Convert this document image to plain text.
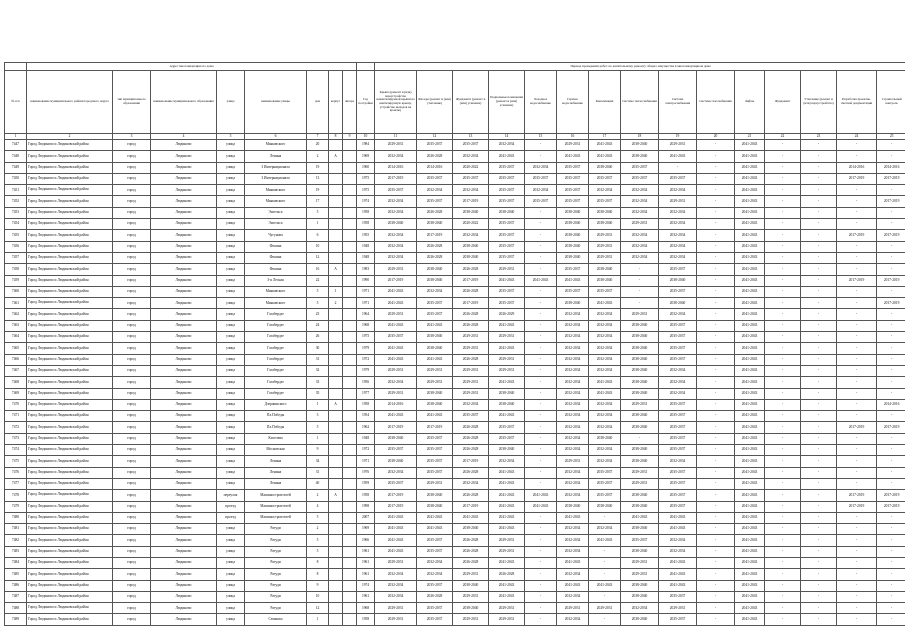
	Адрес многоквартирного дома									Период проведения работ по капитальному ремонту общего имущества в многоквартирном доме														
№ п/п	наименование муниципального района/городского округа	тип муниципального образования	наименование муниципального образования	улица	наименование улицы	дом	корпус	литера	Год постройки	Крыша (ремонт и (или) переустройство невентилируемой крыши на вентилируемую крышу, устройство выходов на кровлю)	Фасады (ремонт и (или) утепление)	Фундамент (ремонт и (или) усиление)	Подвальные помещения (ремонт и (или) усиление)	Холодное водоснабжение	Горячее водоснабжение	Канализация	Система теплоснабжения	Система электроснабжения	Система газоснабжения	Лифты	Фундамент	Утепление (ремонт и (или) переустройство)	Разработка проектно-сметной документации	Строительный контроль
1	2	3	4	5	6	7	8	9	10	11	12	13	14	15	16	17	18	19	20	21	22	23	24	25
7447	Город Людиново и Людиновский район	город	Людиново	улица	Маяковского	20			1984	2029-2031	2035-2037	2035-2037	2032-2034	-	2029-2031	2041-2043	2038-2040	2029-2031	-	2041-2043	-	-	-	-
7448	Город Людиново и Людиновский район	город	Людиново	улица	Ленина	2	А		1969	2032-2034	2026-2028	2032-2034	2041-2043	-	2041-2043	2041-2043	2038-2040	2041-2043	-	2041-2043	-	-	-	-
7449	Город Людиново и Людиновский район	город	Людиново	улица	3 Интернационала	19			1960	2014-2016	2014-2016	2020-2022	2035-2037	2032-2034	2035-2037	2038-2040	2035-2037	-	-	2041-2043	-	-	2014-2016	2014-2016
7450	Город Людиново и Людиновский район	город	Людиново	улица	3 Интернационала	13			1975	2017-2019	2035-2037	2035-2037	2035-2037	2035-2037	2035-2037	2035-2037	2035-2037	2035-2037	-	2041-2043	-	-	2017-2019	2017-2019
7451	Город Людиново и Людиновский район	город	Людиново	улица	Маяковского	19			1975	2035-2037	2032-2034	2032-2034	2035-2037	2032-2034	2035-2037	2032-2034	2032-2034	2032-2034	-	2041-2043	-	-	-	-
7452	Город Людиново и Людиновский район	город	Людиново	улица	Маяковского	17			1974	2032-2034	2035-2037	2017-2019	2035-2037	2035-2037	2035-2037	2035-2037	2032-2034	2029-2031	-	2041-2043	-	-	-	2017-2019
7453	Город Людиново и Людиновский район	город	Людиново	улица	Энгельса	5			1958	2032-2034	2026-2028	2038-2040	2038-2040	-	2038-2040	2038-2040	2032-2034	2032-2034	-	2041-2043	-	-	-	-
7454	Город Людиново и Людиновский район	город	Людиново	улица	Энгельса	1			1958	2038-2040	2038-2040	2020-2022	2035-2037	-	2038-2040	2038-2040	2029-2031	2032-2034	-	2041-2043	-	-	-	-
7455	Город Людиново и Людиновский район	город	Людиново	улица	Чугунова	6			1955	2032-2034	2017-2019	2032-2034	2035-2037	-	2038-2040	2029-2031	2032-2034	2032-2034	-	2041-2043	-	-	2017-2019	2017-2019
7456	Город Людиново и Людиновский район	город	Людиново	улица	Фокина	10			1948	2032-2034	2026-2028	2038-2040	2035-2037	-	2038-2040	2029-2031	2032-2034	2032-2034	-	2041-2043	-	-	-	-
7457	Город Людиново и Людиновский район	город	Людиново	улица	Фокина	12			1948	2032-2034	2026-2028	2038-2040	2035-2037	-	2038-2040	2029-2031	2032-2034	2032-2034	-	2041-2043	-	-	-	-
7458	Город Людиново и Людиновский район	город	Людиново	улица	Фокина	16	А		1983	2029-2031	2038-2040	2026-2028	2029-2031	-	2035-2037	2038-2040	-	2035-2037	-	2041-2043	-	-	-	-
7459	Город Людиново и Людиновский район	город	Людиново	улица	3-я Лесная	22			1990	2017-2019	2038-2040	2017-2019	2041-2043	2041-2043	2041-2043	2038-2040	-	2038-2040	-	2041-2043	-	-	2017-2019	2017-2019
7460	Город Людиново и Людиновский район	город	Людиново	улица	Маяковского	5	1		1971	2041-2043	2032-2034	2026-2028	2035-2037	-	2035-2037	2035-2037	-	2035-2037	-	2041-2043	-	-	-	-
7461	Город Людиново и Людиновский район	город	Людиново	улица	Маяковского	5	2		1971	2041-2043	2035-2037	2017-2019	2035-2037	-	2038-2040	2041-2043	-	2038-2040	-	2041-2043	-	-	-	2017-2019
7462	Город Людиново и Людиновский район	город	Людиново	улица	Гагабердзе	23			1964	2029-2031	2035-2037	2026-2028	2026-2029	-	2032-2034	2032-2034	2029-2031	2032-2034	-	2041-2043	-	-	-	-
7463	Город Людиново и Людиновский район	город	Людиново	улица	Гагабердзе	24			1968	2041-2043	2041-2043	2026-2028	2041-2043	-	2032-2034	2032-2034	2038-2040	2035-2037	-	2041-2043	-	-	-	-
7464	Город Людиново и Людиновский район	город	Людиново	улица	Гагабердзе	26			1975	2035-2037	2038-2040	2029-2031	2029-2031	-	2032-2034	2032-2034	2038-2040	2035-2037	-	2041-2043	-	-	-	-
7465	Город Людиново и Людиновский район	город	Людиново	улица	Гагабердзе	30			1979	2041-2043	2038-2040	2029-2031	2041-2043	-	2032-2034	2032-2034	2038-2040	2035-2037	-	2041-2043	-	-	-	-
7466	Город Людиново и Людиновский район	город	Людиново	улица	Гагабердзе	31			1972	2041-2043	2041-2043	2026-2028	2029-2031	-	2032-2034	2032-2034	2038-2040	2035-2037	-	2041-2043	-	-	-	-
7467	Город Людиново и Людиновский район	город	Людиново	улица	Гагабердзе	32			1979	2029-2031	2029-2031	2029-2031	2029-2031	-	2032-2034	2032-2034	2038-2040	2032-2034	-	2041-2043	-	-	-	-
7468	Город Людиново и Людиновский район	город	Людиново	улица	Гагабердзе	33			1956	2032-2034	2029-2031	2029-2031	2041-2043	-	2032-2034	2041-2043	2038-2040	2032-2034	-	2041-2043	-	-	-	-
7469	Город Людиново и Людиновский район	город	Людиново	улица	Гагабердзе	35			1977	2029-2031	2038-2040	2029-2031	2038-2040	-	2032-2034	2041-2043	2038-2040	2032-2034	-	2041-2043	-	-	-	-
7470	Город Людиново и Людиновский район	город	Людиново	улица	Дзержинского	1	А		1958	2014-2016	2038-2040	2032-2034	2038-2040	-	2032-2034	2032-2034	2029-2031	2035-2037	-	2041-2043	-	-	-	2014-2016
7471	Город Людиново и Людиновский район	город	Людиново	улица	Пл.Победы	3			1954	2041-2043	2041-2043	2035-2037	2041-2043	-	2032-2034	2032-2034	2038-2040	2035-2037	-	2041-2043	-	-	-	-
7472	Город Людиново и Людиновский район	город	Людиново	улица	Пл.Победы	5			1962	2017-2019	2017-2019	2026-2028	2035-2037	-	2032-2034	2032-2034	2038-2040	2035-2037	-	2041-2043	-	-	2017-2019	2017-2019
7473	Город Людиново и Людиновский район	город	Людиново	улица	Киселева	1			1948	2038-2040	2035-2037	2026-2028	2035-2037	-	2032-2034	2038-2040	-	2035-2037	-	2041-2043	-	-	-	-
7474	Город Людиново и Людиновский район	город	Людиново	улица	Московская	9			1972	2035-2037	2035-2037	2026-2028	2038-2040	-	2032-2034	2032-2034	2038-2040	2035-2037	-	2041-2043	-	-	-	-
7475	Город Людиново и Людиновский район	город	Людиново	улица	Ленина	34			1971	2038-2040	2035-2037	2017-2019	2032-2034	-	2029-2031	2032-2034	2038-2040	2032-2034	-	2041-2043	-	-	-	-
7476	Город Людиново и Людиновский район	город	Людиново	улица	Ленина	31			1976	2032-2034	2035-2037	2026-2028	2041-2043	-	2032-2034	2035-2037	2029-2031	2035-2037	-	2041-2043	-	-	-	-
7477	Город Людиново и Людиновский район	город	Людиново	улица	Ленина	40			1959	2035-2037	2029-2031	2032-2034	2041-2043	-	2032-2034	2035-2037	2029-2031	2035-2037	-	2041-2043	-	-	-	-
7478	Город Людиново и Людиновский район	город	Людиново	переулок	Машиностроителей	2	А		1958	2017-2019	2038-2040	2026-2028	2041-2043	2041-2043	2032-2034	2035-2037	2038-2040	2035-2037	-	2041-2043	-	-	2017-2019	2017-2019
7479	Город Людиново и Людиновский район	город	Людиново	проезд	Машиностроителей	4			1998	2017-2019	2038-2040	2017-2019	2041-2043	2041-2043	2038-2040	2038-2040	2038-2040	2035-2037	-	2041-2043	-	-	2017-2019	2017-2019
7480	Город Людиново и Людиновский район	город	Людиново	проезд	Машиностроителей	5			2007	2041-2043	2041-2043	2041-2043	2041-2043	-	2041-2043	-	2041-2043	2041-2043	-	2041-2043	-	-	-	-
7481	Город Людиново и Людиновский район	город	Людиново	улица	Ратуди	2			1969	2041-2043	2041-2043	2038-2040	2041-2043	-	2032-2034	2032-2034	2038-2040	2041-2043	-	2041-2043	-	-	-	-
7482	Город Людиново и Людиновский район	город	Людиново	улица	Ратуди	5			1966	2041-2043	2035-2037	2026-2028	2029-2031	-	2032-2034	2041-2043	2035-2037	2032-2034	-	2041-2043	-	-	-	-
7483	Город Людиново и Людиновский район	город	Людиново	улица	Ратуди	5			1961	2041-2043	2035-2037	2026-2028	2029-2031	-	2032-2034	-	2038-2040	2032-2034	-	2041-2043	-	-	-	-
7484	Город Людиново и Людиновский район	город	Людиново	улица	Ратуди	8			1961	2029-2031	2032-2034	2026-2028	2041-2043	-	2041-2043	-	2029-2031	2041-2043	-	2041-2043	-	-	-	-
7485	Город Людиново и Людиновский район	город	Людиново	улица	Ратуди	8			1961	2032-2034	2032-2034	2029-2031	2026-2028	-	2032-2034	-	2029-2031	2041-2043	-	2041-2043	-	-	-	-
7486	Город Людиново и Людиновский район	город	Людиново	улица	Ратуди	9			1974	2032-2034	2035-2037	2038-2040	2041-2043	-	2041-2043	2041-2043	2038-2040	2041-2043	-	2041-2043	-	-	-	-
7487	Город Людиново и Людиновский район	город	Людиново	улица	Ратуди	10			1961	2032-2034	2026-2028	2029-2031	2041-2043	-	2032-2034	-	2038-2040	2035-2037	-	2041-2043	-	-	-	-
7488	Город Людиново и Людиновский район	город	Людиново	улица	Ратуди	12			1968	2029-2031	2035-2037	2038-2040	2029-2031	-	2029-2031	2029-2031	2032-2034	2029-2031	-	2041-2043	-	-	-	-
7489	Город Людиново и Людиновский район	город	Людиново	улица	Семашко	1			1958	2029-2031	2035-2037	2029-2031	2029-2031	-	2032-2034	-	2038-2040	2035-2037	-	2041-2043	-	-	-	-
